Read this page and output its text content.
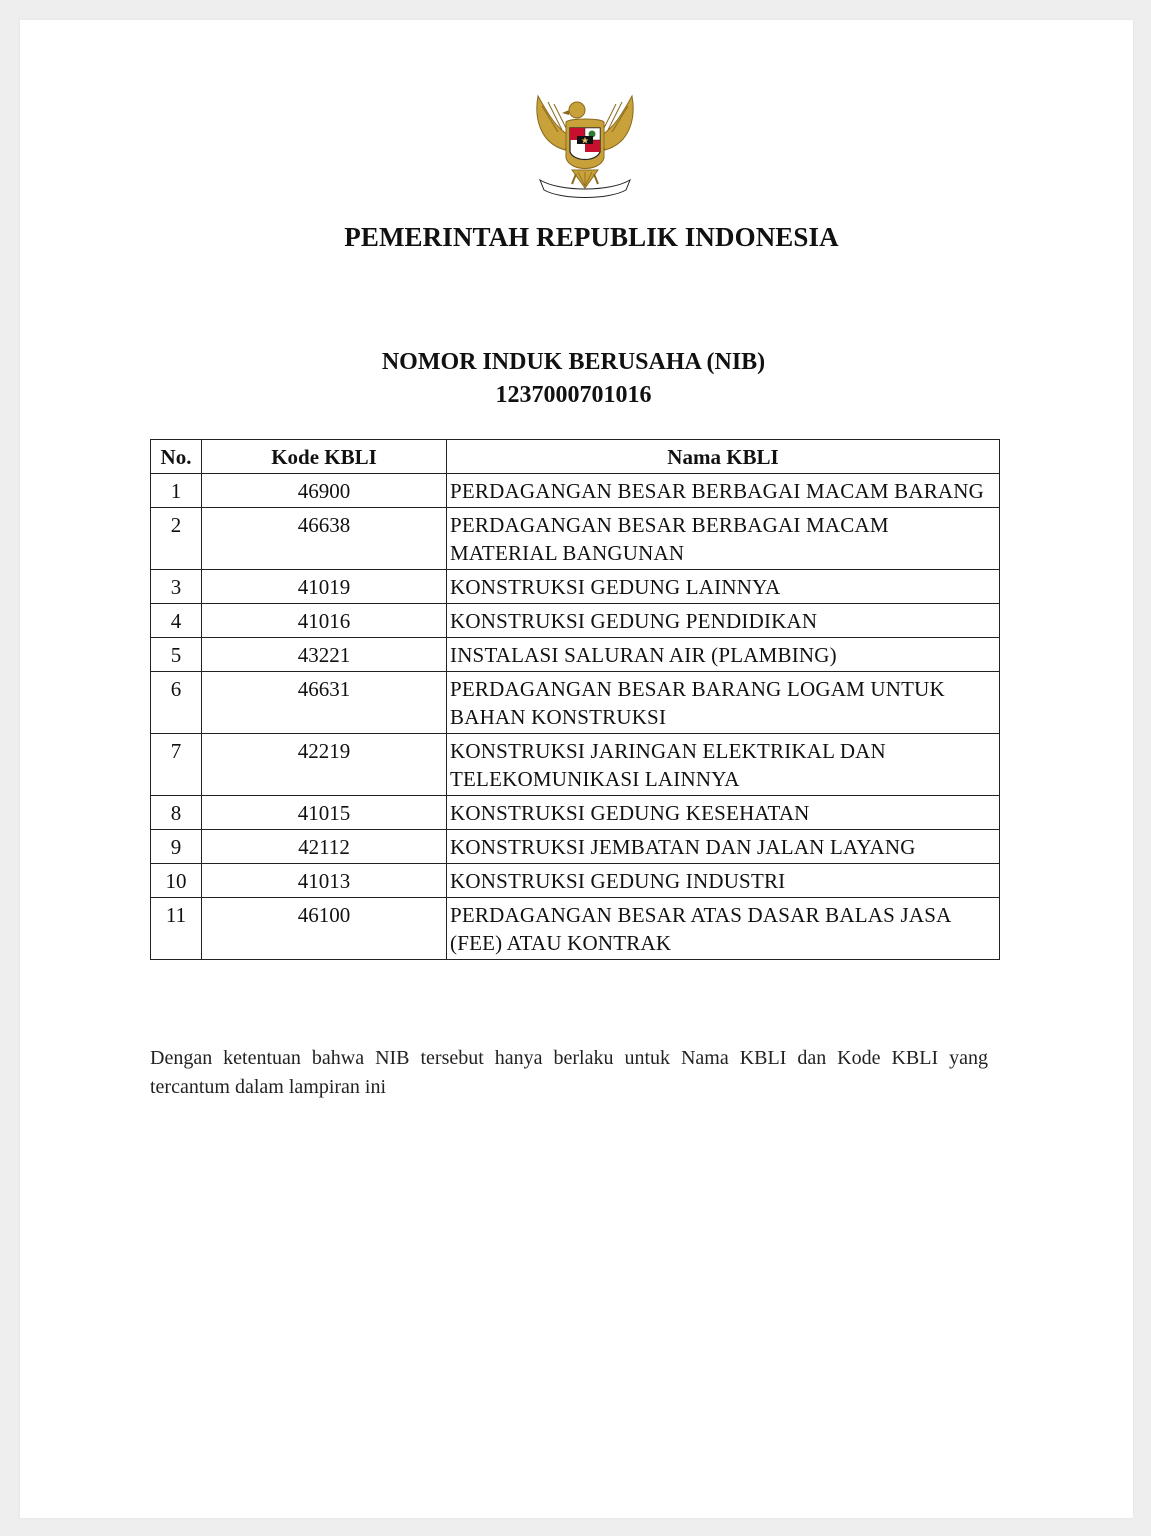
PEMERINTAH REPUBLIK INDONESIA
NOMOR INDUK BERUSAHA (NIB)
1237000701016
No.	Kode KBLI	Nama KBLI
1	46900	PERDAGANGAN BESAR BERBAGAI MACAM BARANG
2	46638	PERDAGANGAN BESAR BERBAGAI MACAM MATERIAL BANGUNAN
3	41019	KONSTRUKSI GEDUNG LAINNYA
4	41016	KONSTRUKSI GEDUNG PENDIDIKAN
5	43221	INSTALASI SALURAN AIR (PLAMBING)
6	46631	PERDAGANGAN BESAR BARANG LOGAM UNTUK BAHAN KONSTRUKSI
7	42219	KONSTRUKSI JARINGAN ELEKTRIKAL DAN TELEKOMUNIKASI LAINNYA
8	41015	KONSTRUKSI GEDUNG KESEHATAN
9	42112	KONSTRUKSI JEMBATAN DAN JALAN LAYANG
10	41013	KONSTRUKSI GEDUNG INDUSTRI
11	46100	PERDAGANGAN BESAR ATAS DASAR BALAS JASA (FEE) ATAU KONTRAK
Dengan ketentuan bahwa NIB tersebut hanya berlaku untuk Nama KBLI dan Kode KBLI yang tercantum dalam lampiran ini
